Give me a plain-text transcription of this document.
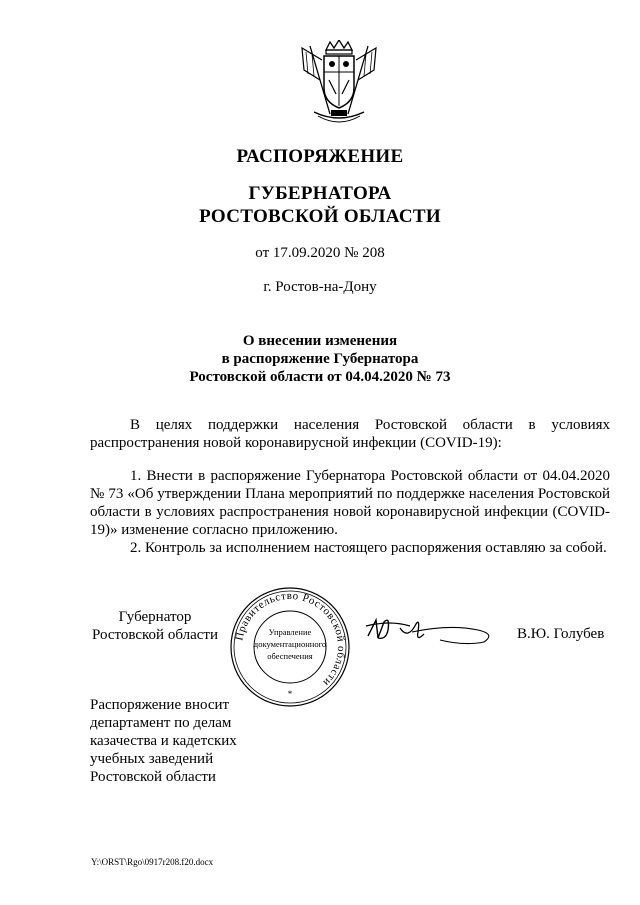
РАСПОРЯЖЕНИЕ
ГУБЕРНАТОРА
РОСТОВСКОЙ ОБЛАСТИ
от 17.09.2020 № 208
г. Ростов-на-Дону
О внесении изменения
в распоряжение Губернатора
Ростовской области от 04.04.2020 № 73
В целях поддержки населения Ростовской области в условиях распространения новой коронавирусной инфекции (COVID-19):
1. Внести в распоряжение Губернатора Ростовской области от 04.04.2020 № 73 «Об утверждении Плана мероприятий по поддержке населения Ростовской области в условиях распространения новой коронавирусной инфекции (COVID-19)» изменение согласно приложению.
2. Контроль за исполнением настоящего распоряжения оставляю за собой.
Губернатор
Ростовской области Правительство Ростовской области
Управление
документационного
обеспечения
*
В.Ю. Голубев
Распоряжение вносит
департамент по делам
казачества и кадетских
учебных заведений
Ростовской области
Y:\ORST\Rgo\0917r208.f20.docx
